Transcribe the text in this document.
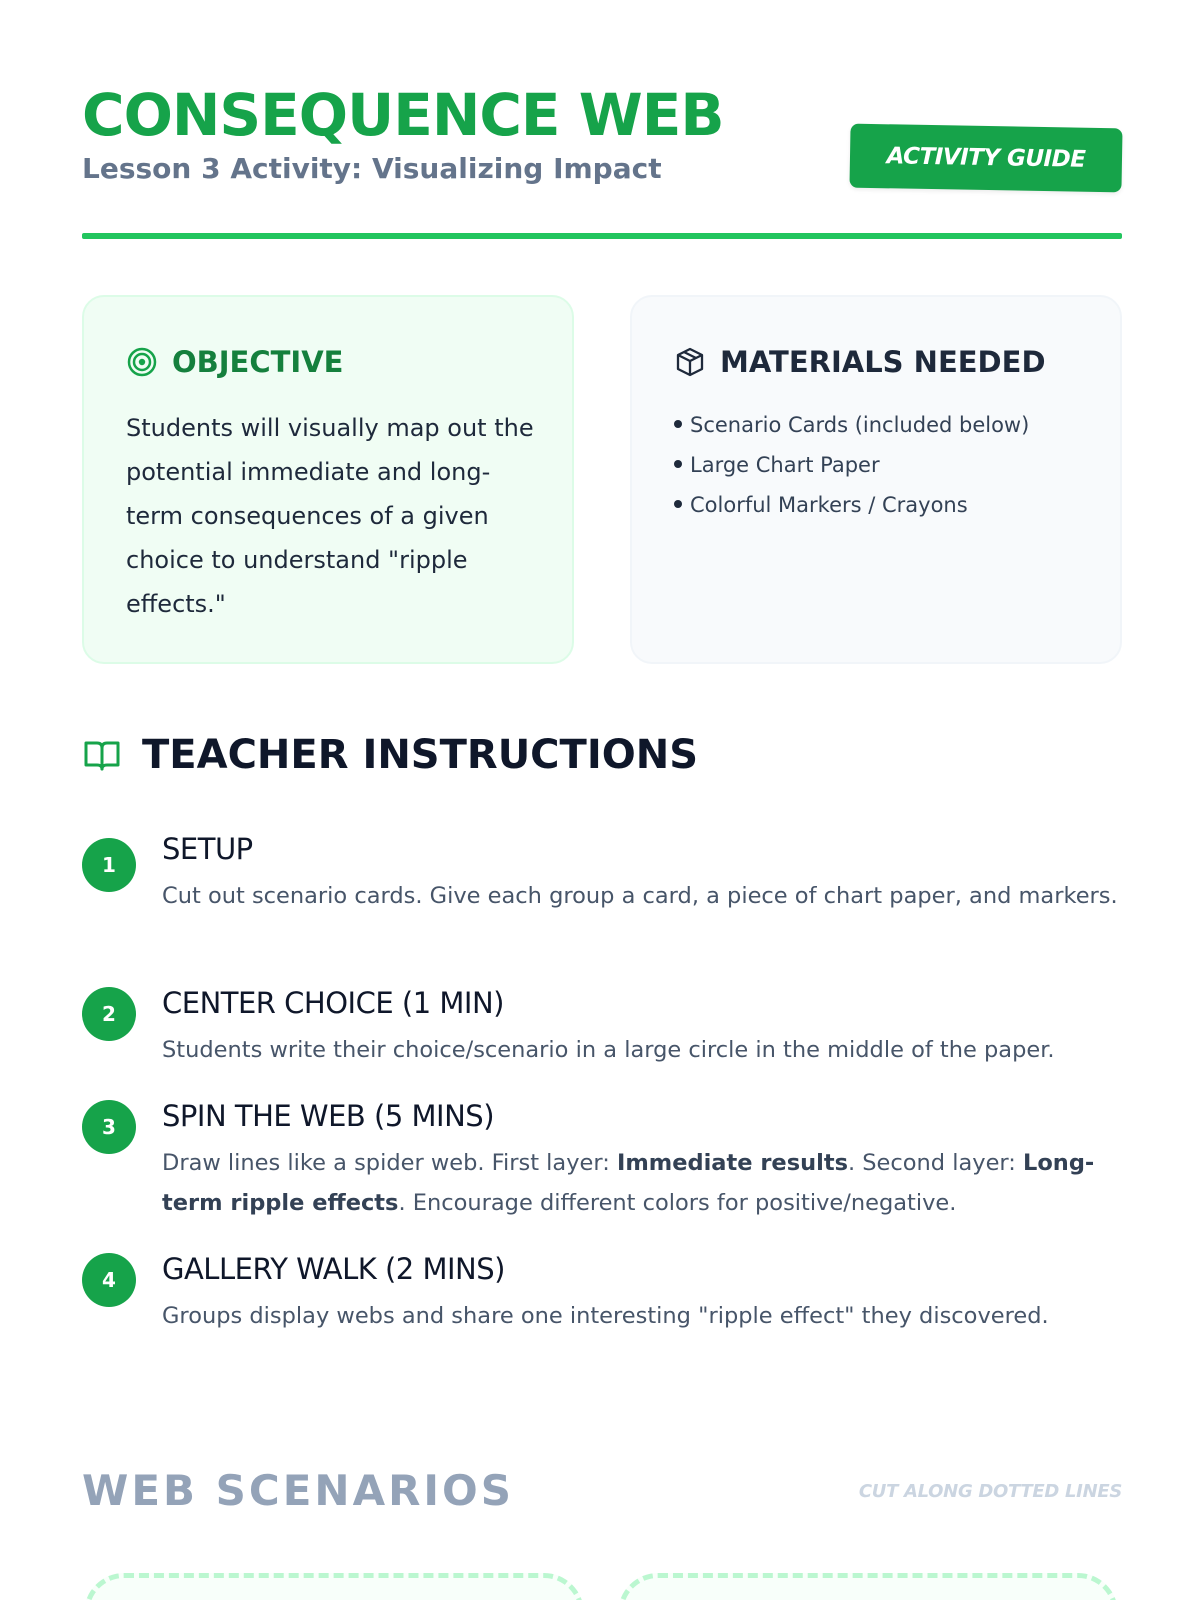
CONSEQUENCE WEB
Lesson 3 Activity: Visualizing Impact	ACTIVITY GUIDE
OBJECTIVE

Students will visually map out the potential immediate and long-term consequences of a given choice to understand "ripple effects."

MATERIALS NEEDED
Scenario Cards (included below)
Large Chart Paper
Colorful Markers / Crayons
TEACHER INSTRUCTIONS
1	SETUP
Cut out scenario cards. Give each group a card, a piece of chart paper, and markers.
2	CENTER CHOICE (1 MIN)
Students write their choice/scenario in a large circle in the middle of the paper.
3	SPIN THE WEB (5 MINS)
Draw lines like a spider web. First layer: Immediate results. Second layer: Long-term ripple effects. Encourage different colors for positive/negative.
4	GALLERY WALK (2 MINS)
Groups display webs and share one interesting "ripple effect" they discovered.
WEB SCENARIOS	CUT ALONG DOTTED LINES
